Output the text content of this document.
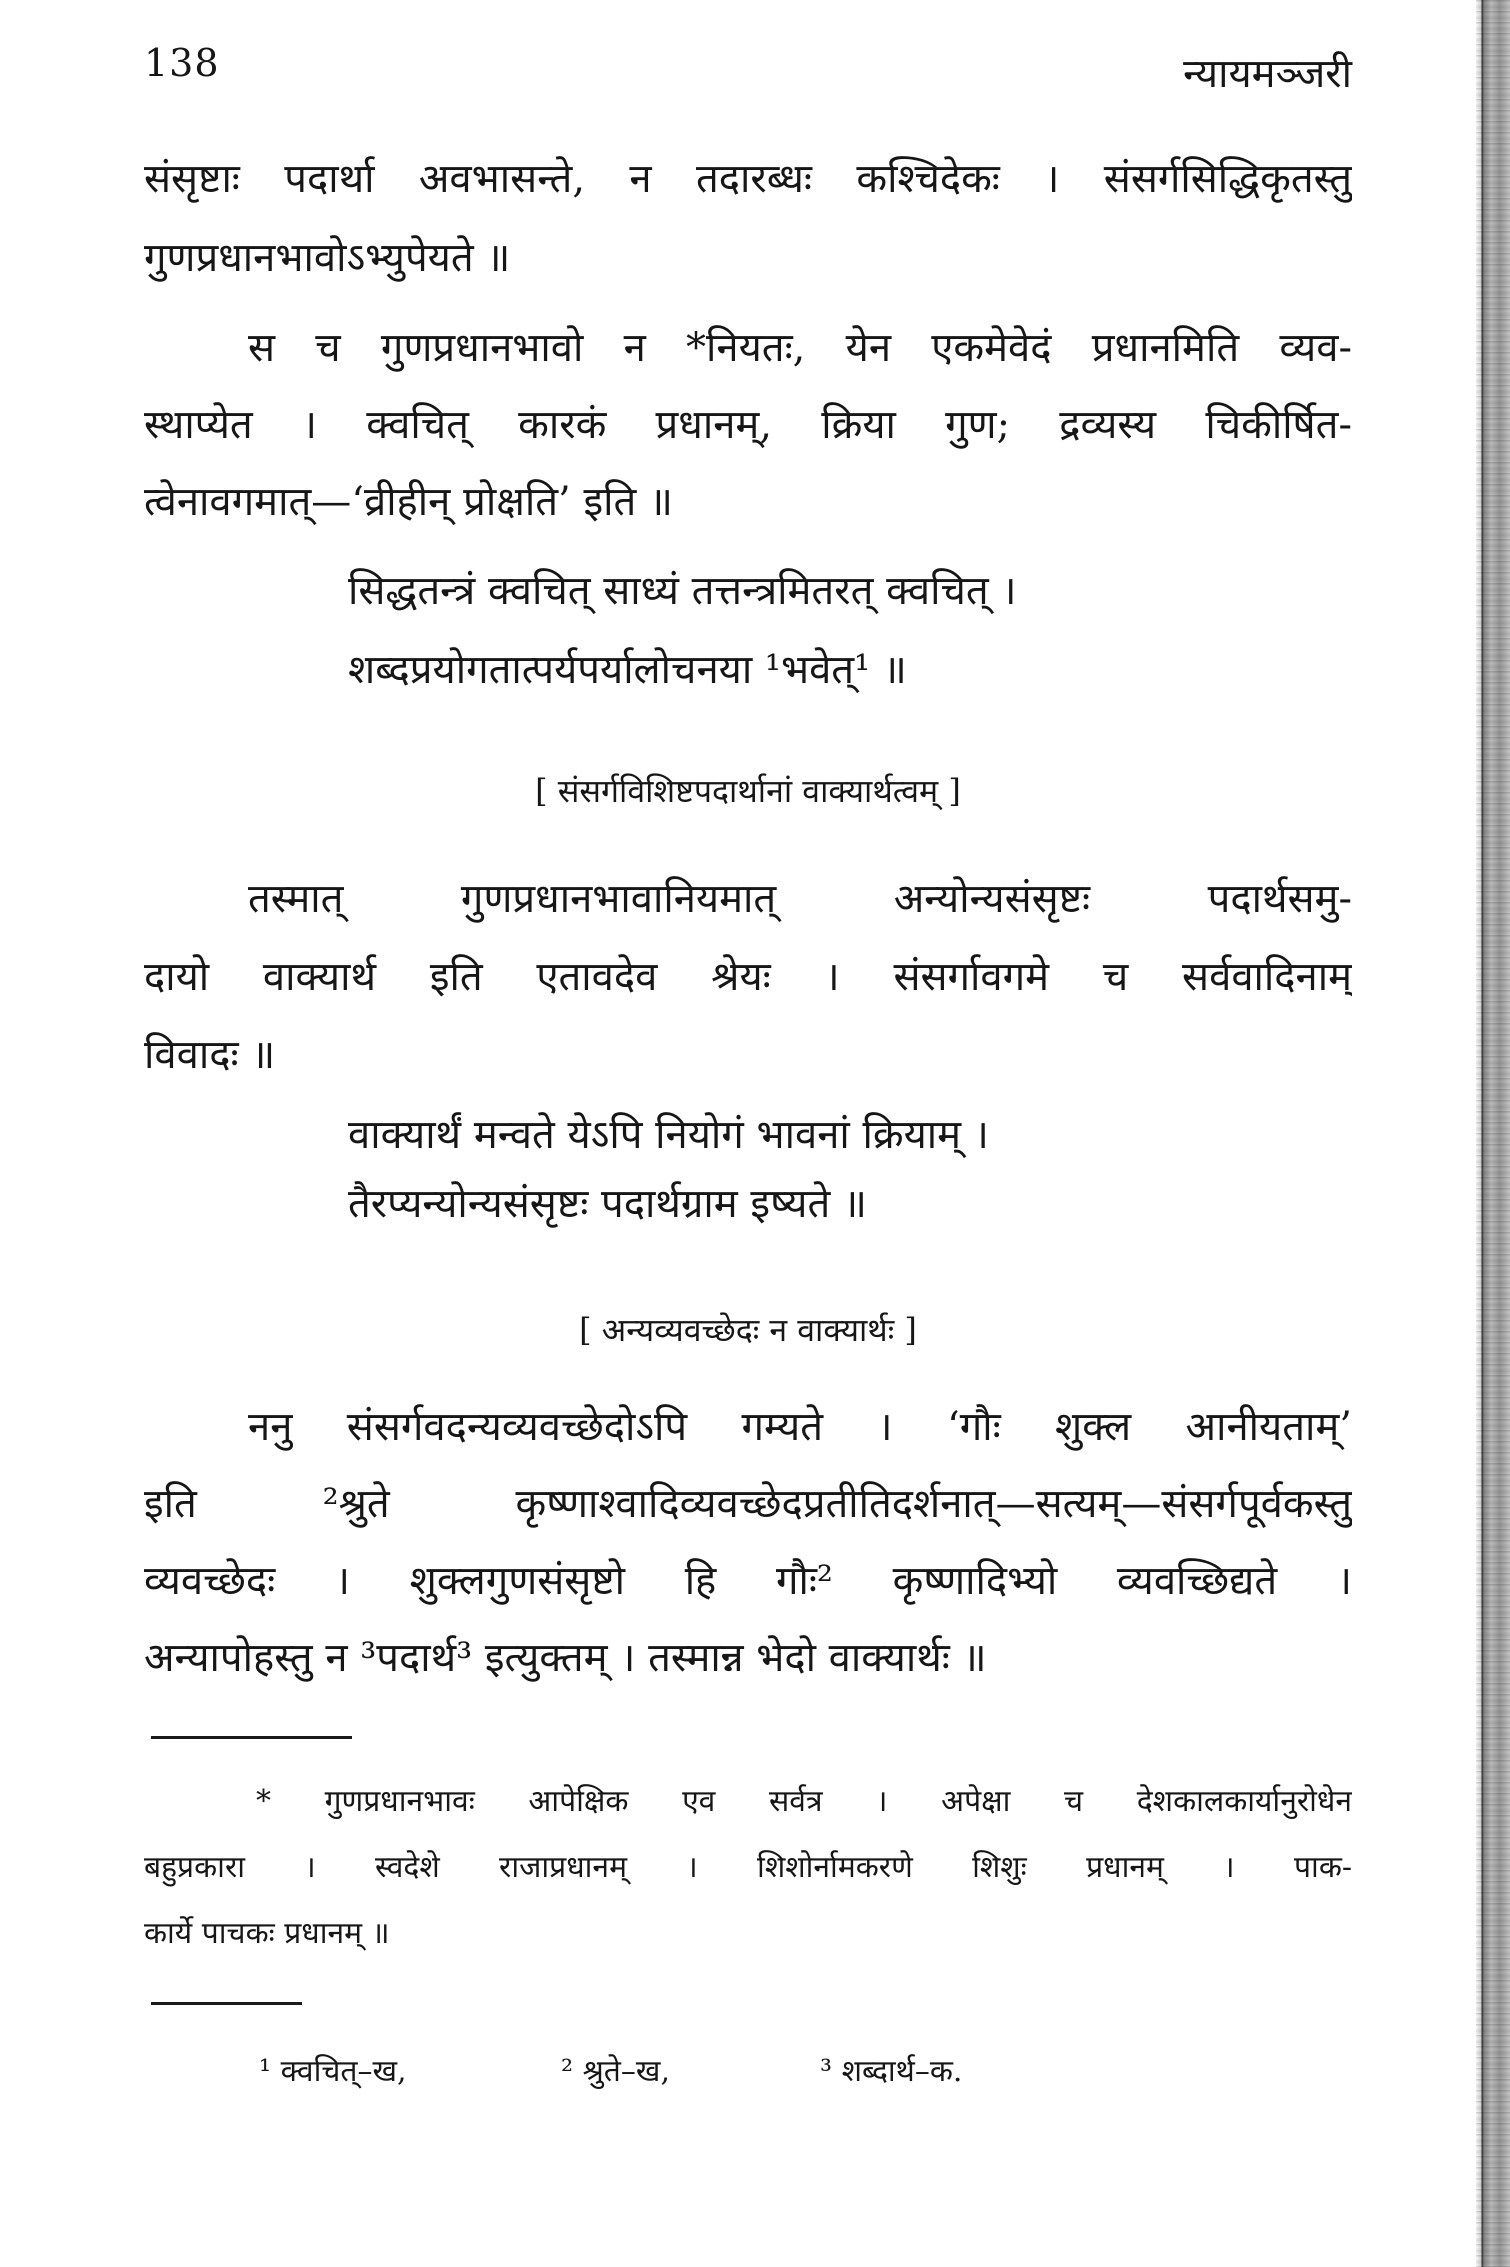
138	न्यायमञ्जरी
संसृष्टाः पदार्था अवभासन्ते, न तदारब्धः कश्चिदेकः । संसर्गसिद्धिकृतस्तु
गुणप्रधानभावोऽभ्युपेयते ॥
स च गुणप्रधानभावो न *नियतः, येन एकमेवेदं प्रधानमिति व्यव-
स्थाप्येत । क्वचित् कारकं प्रधानम्, क्रिया गुण; द्रव्यस्य चिकीर्षित-
त्वेनावगमात्—‘व्रीहीन् प्रोक्षति’ इति ॥
सिद्धतन्त्रं क्वचित् साध्यं तत्तन्त्रमितरत् क्वचित् ।
शब्दप्रयोगतात्पर्यपर्यालोचनया ¹भवेत्¹ ॥
[ संसर्गविशिष्टपदार्थानां वाक्यार्थत्वम् ]
तस्मात् गुणप्रधानभावानियमात् अन्योन्यसंसृष्टः पदार्थसमु-
दायो वाक्यार्थ इति एतावदेव श्रेयः । संसर्गावगमे च सर्ववादिनाम्
विवादः ॥
वाक्यार्थं मन्वते येऽपि नियोगं भावनां क्रियाम् ।
तैरप्यन्योन्यसंसृष्टः पदार्थग्राम इष्यते ॥
[ अन्यव्यवच्छेदः न वाक्यार्थः ]
ननु संसर्गवदन्यव्यवच्छेदोऽपि गम्यते । ‘गौः शुक्ल आनीयताम्’
इति ²श्रुते कृष्णाश्वादिव्यवच्छेदप्रतीतिदर्शनात्—सत्यम्—संसर्गपूर्वकस्तु
व्यवच्छेदः । शुक्लगुणसंसृष्टो हि गौः² कृष्णादिभ्यो व्यवच्छिद्यते ।
अन्यापोहस्तु न ³पदार्थ³ इत्युक्तम् । तस्मान्न भेदो वाक्यार्थः ॥
* गुणप्रधानभावः आपेक्षिक एव सर्वत्र । अपेक्षा च देशकालकार्यानुरोधेन
बहुप्रकारा । स्वदेशे राजाप्रधानम् । शिशोर्नामकरणे शिशुः प्रधानम् । पाक-
कार्ये पाचकः प्रधानम् ॥
¹ क्वचित्–ख,	² श्रुते–ख,	³ शब्दार्थ–क.
